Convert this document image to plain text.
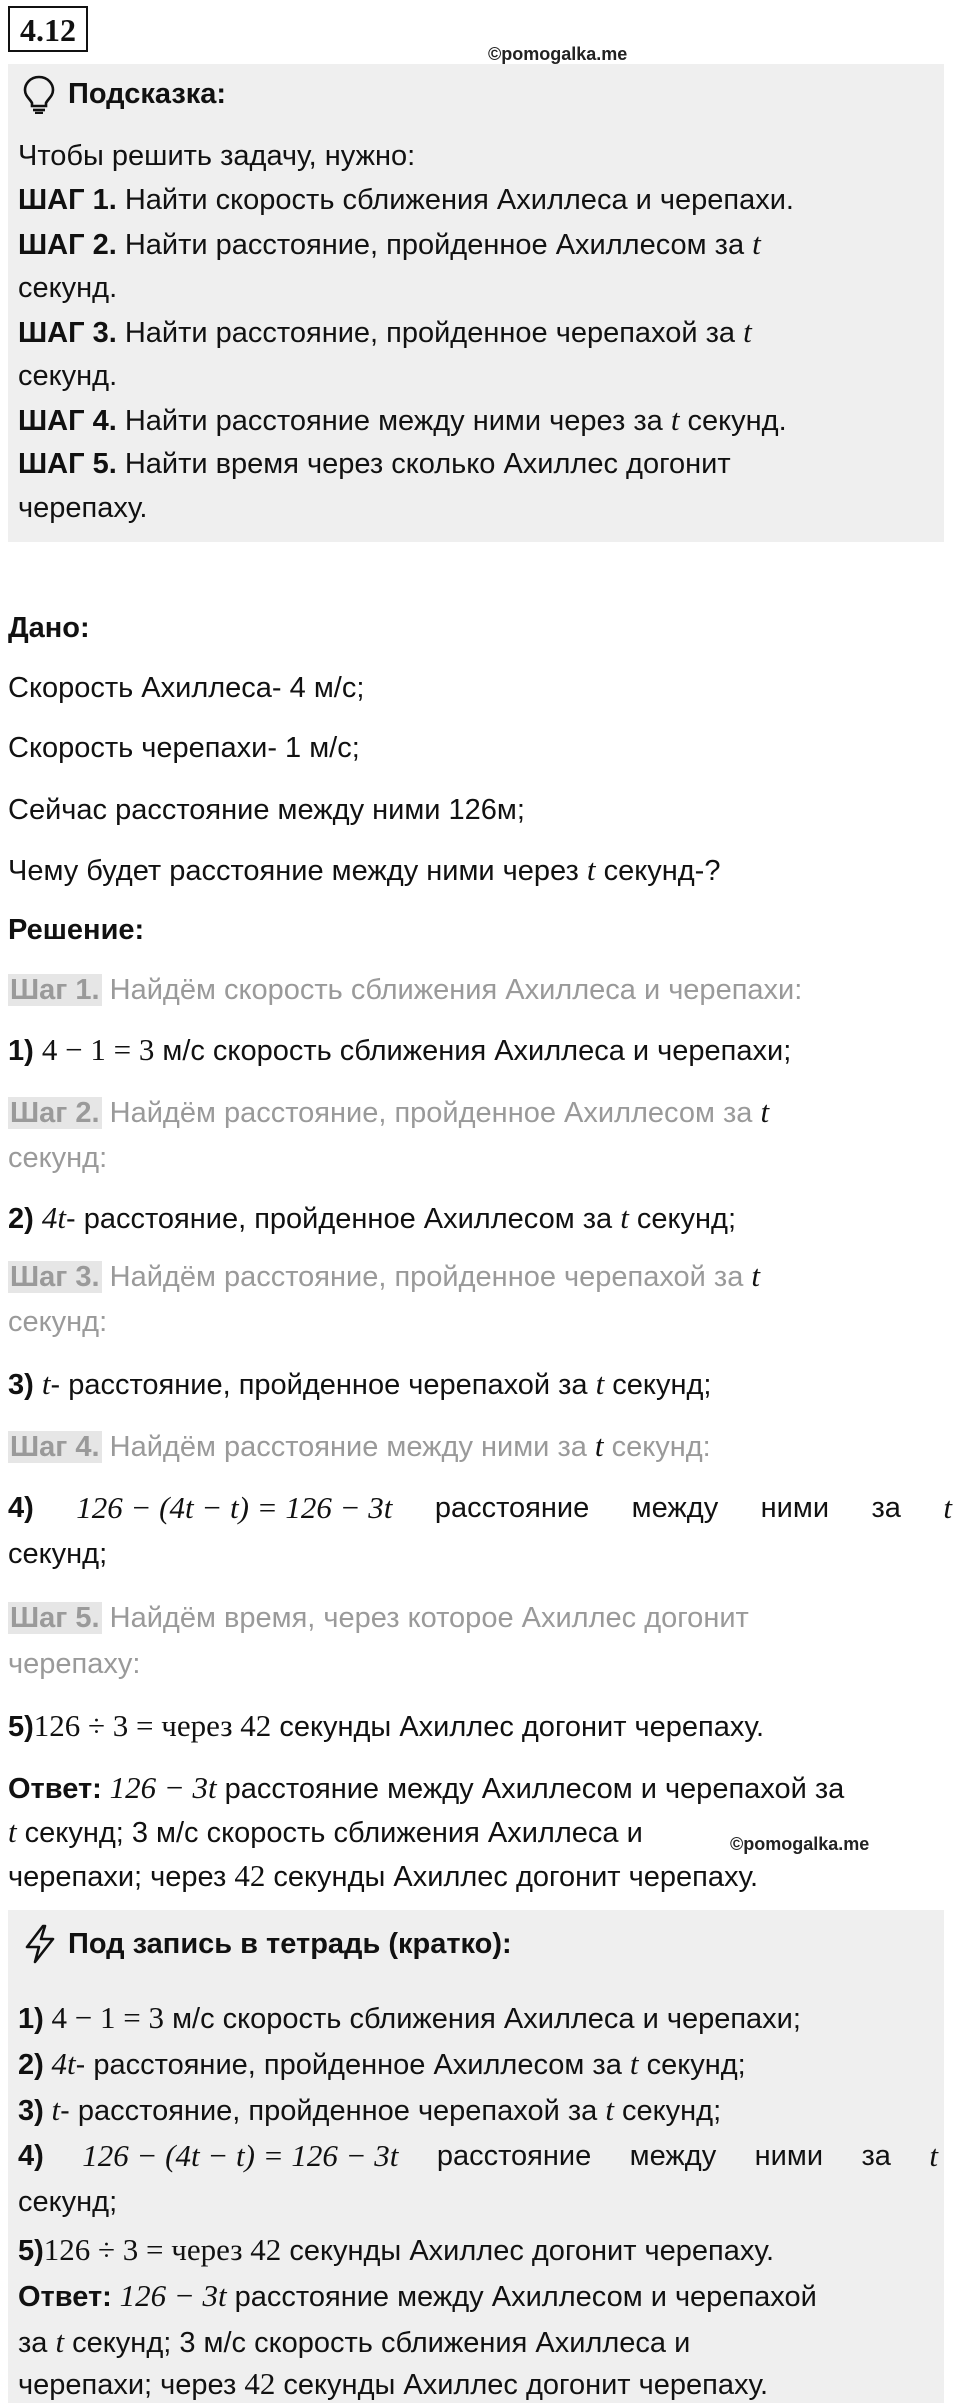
4.12
©pomogalka.me
Подсказка:
Чтобы решить задачу, нужно:
ШАГ 1. Найти скорость сближения Ахиллеса и черепахи.
ШАГ 2. Найти расстояние, пройденное Ахиллесом за t
секунд.
ШАГ 3. Найти расстояние, пройденное черепахой за t
секунд.
ШАГ 4. Найти расстояние между ними через за t секунд.
ШАГ 5. Найти время через сколько Ахиллес догонит
черепаху.
Дано:
Скорость Ахиллеса- 4 м/с;
Скорость черепахи- 1 м/с;
Сейчас расстояние между ними 126м;
Чему будет расстояние между ними через t секунд-?
Решение:
Шаг 1. Найдём скорость сближения Ахиллеса и черепахи:
1) 4 − 1 = 3 м/с скорость сближения Ахиллеса и черепахи;
Шаг 2. Найдём расстояние, пройденное Ахиллесом за t
секунд:
2) 4t- расстояние, пройденное Ахиллесом за t секунд;
Шаг 3. Найдём расстояние, пройденное черепахой за t
секунд:
3) t- расстояние, пройденное черепахой за t секунд;
Шаг 4. Найдём расстояние между ними за t секунд:
4) 126 − (4t − t) = 126 − 3t расстояние между ними за t
секунд;
Шаг 5. Найдём время, через которое Ахиллес догонит
черепаху:
5)126 ÷ 3 = через 42 секунды Ахиллес догонит черепаху.
Ответ: 126 − 3t расстояние между Ахиллесом и черепахой за
t секунд; 3 м/с скорость сближения Ахиллеса и
черепахи; через 42 секунды Ахиллес догонит черепаху.
©pomogalka.me
Под запись в тетрадь (кратко):
1) 4 − 1 = 3 м/с скорость сближения Ахиллеса и черепахи;
2) 4t- расстояние, пройденное Ахиллесом за t секунд;
3) t- расстояние, пройденное черепахой за t секунд;
4) 126 − (4t − t) = 126 − 3t расстояние между ними за t
секунд;
5)126 ÷ 3 = через 42 секунды Ахиллес догонит черепаху.
Ответ: 126 − 3t расстояние между Ахиллесом и черепахой
за t секунд; 3 м/с скорость сближения Ахиллеса и
черепахи; через 42 секунды Ахиллес догонит черепаху.
